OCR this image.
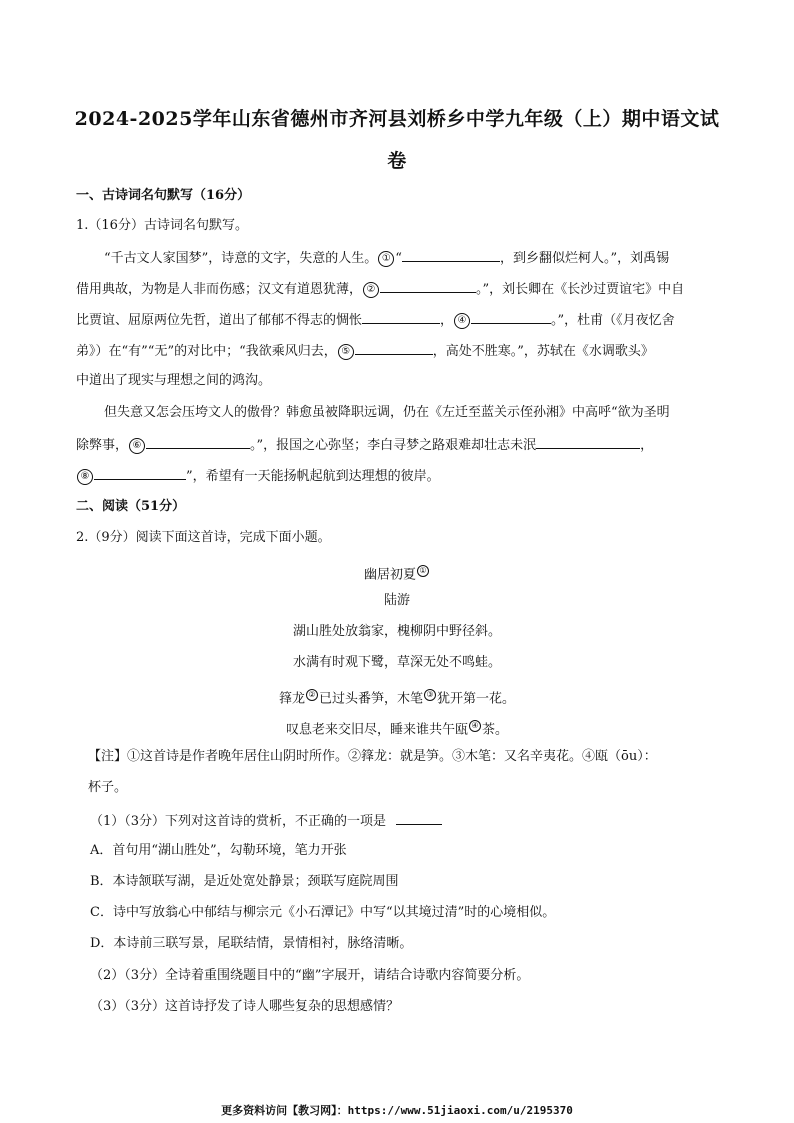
2024-2025学年山东省德州市齐河县刘桥乡中学九年级（上）期中语文试
卷
一、古诗词名句默写（16分）
1.（16分）古诗词名句默写。
“千古文人家国梦”，诗意的文字，失意的人生。 ① “	，到乡翻似烂柯人。”，刘禹锡
借用典故，为物是人非而伤感；汉文有道恩犹薄， ②	。”，刘长卿在《长沙过贾谊宅》中自
比贾谊、屈原两位先哲，道出了郁郁不得志的惆怅	， ④	。”，杜甫（《月夜忆舍
弟》）在“有”“无”的对比中；“我欲乘风归去， ⑤	，高处不胜寒。”，苏轼在《水调歌头》
中道出了现实与理想之间的鸿沟。
但失意又怎会压垮文人的傲骨？韩愈虽被降职远调，仍在《左迁至蓝关示侄孙湘》中高呼“欲为圣明
除弊事， ⑥	。”，报国之心弥坚；李白寻梦之路艰难却壮志未泯	，
⑧	”，希望有一天能扬帆起航到达理想的彼岸。
二、阅读（51分）
2.（9分）阅读下面这首诗，完成下面小题。
幽居初夏 ①
陆游
湖山胜处放翁家，槐柳阴中野径斜。
水满有时观下鹭，草深无处不鸣蛙。
箨龙 ② 已过头番笋，木笔 ③ 犹开第一花。
叹息老来交旧尽，睡来谁共午瓯 ④ 茶。
【注】①这首诗是作者晚年居住山阴时所作。②箨龙：就是笋。③木笔：又名辛夷花。④瓯（ōu）：
杯子。
（1）（3分）下列对这首诗的赏析，不正确的一项是
A．首句用“湖山胜处”，勾勒环境，笔力开张
B．本诗颔联写湖，是近处宽处静景；颈联写庭院周围
C．诗中写放翁心中郁结与柳宗元《小石潭记》中写“以其境过清”时的心境相似。
D．本诗前三联写景，尾联结情，景情相衬，脉络清晰。
（2）（3分）全诗着重围绕题目中的“幽”字展开，请结合诗歌内容简要分析。
（3）（3分）这首诗抒发了诗人哪些复杂的思想感情？
更多资料访问【教习网】：https://www.51jiaoxi.com/u/2195370
